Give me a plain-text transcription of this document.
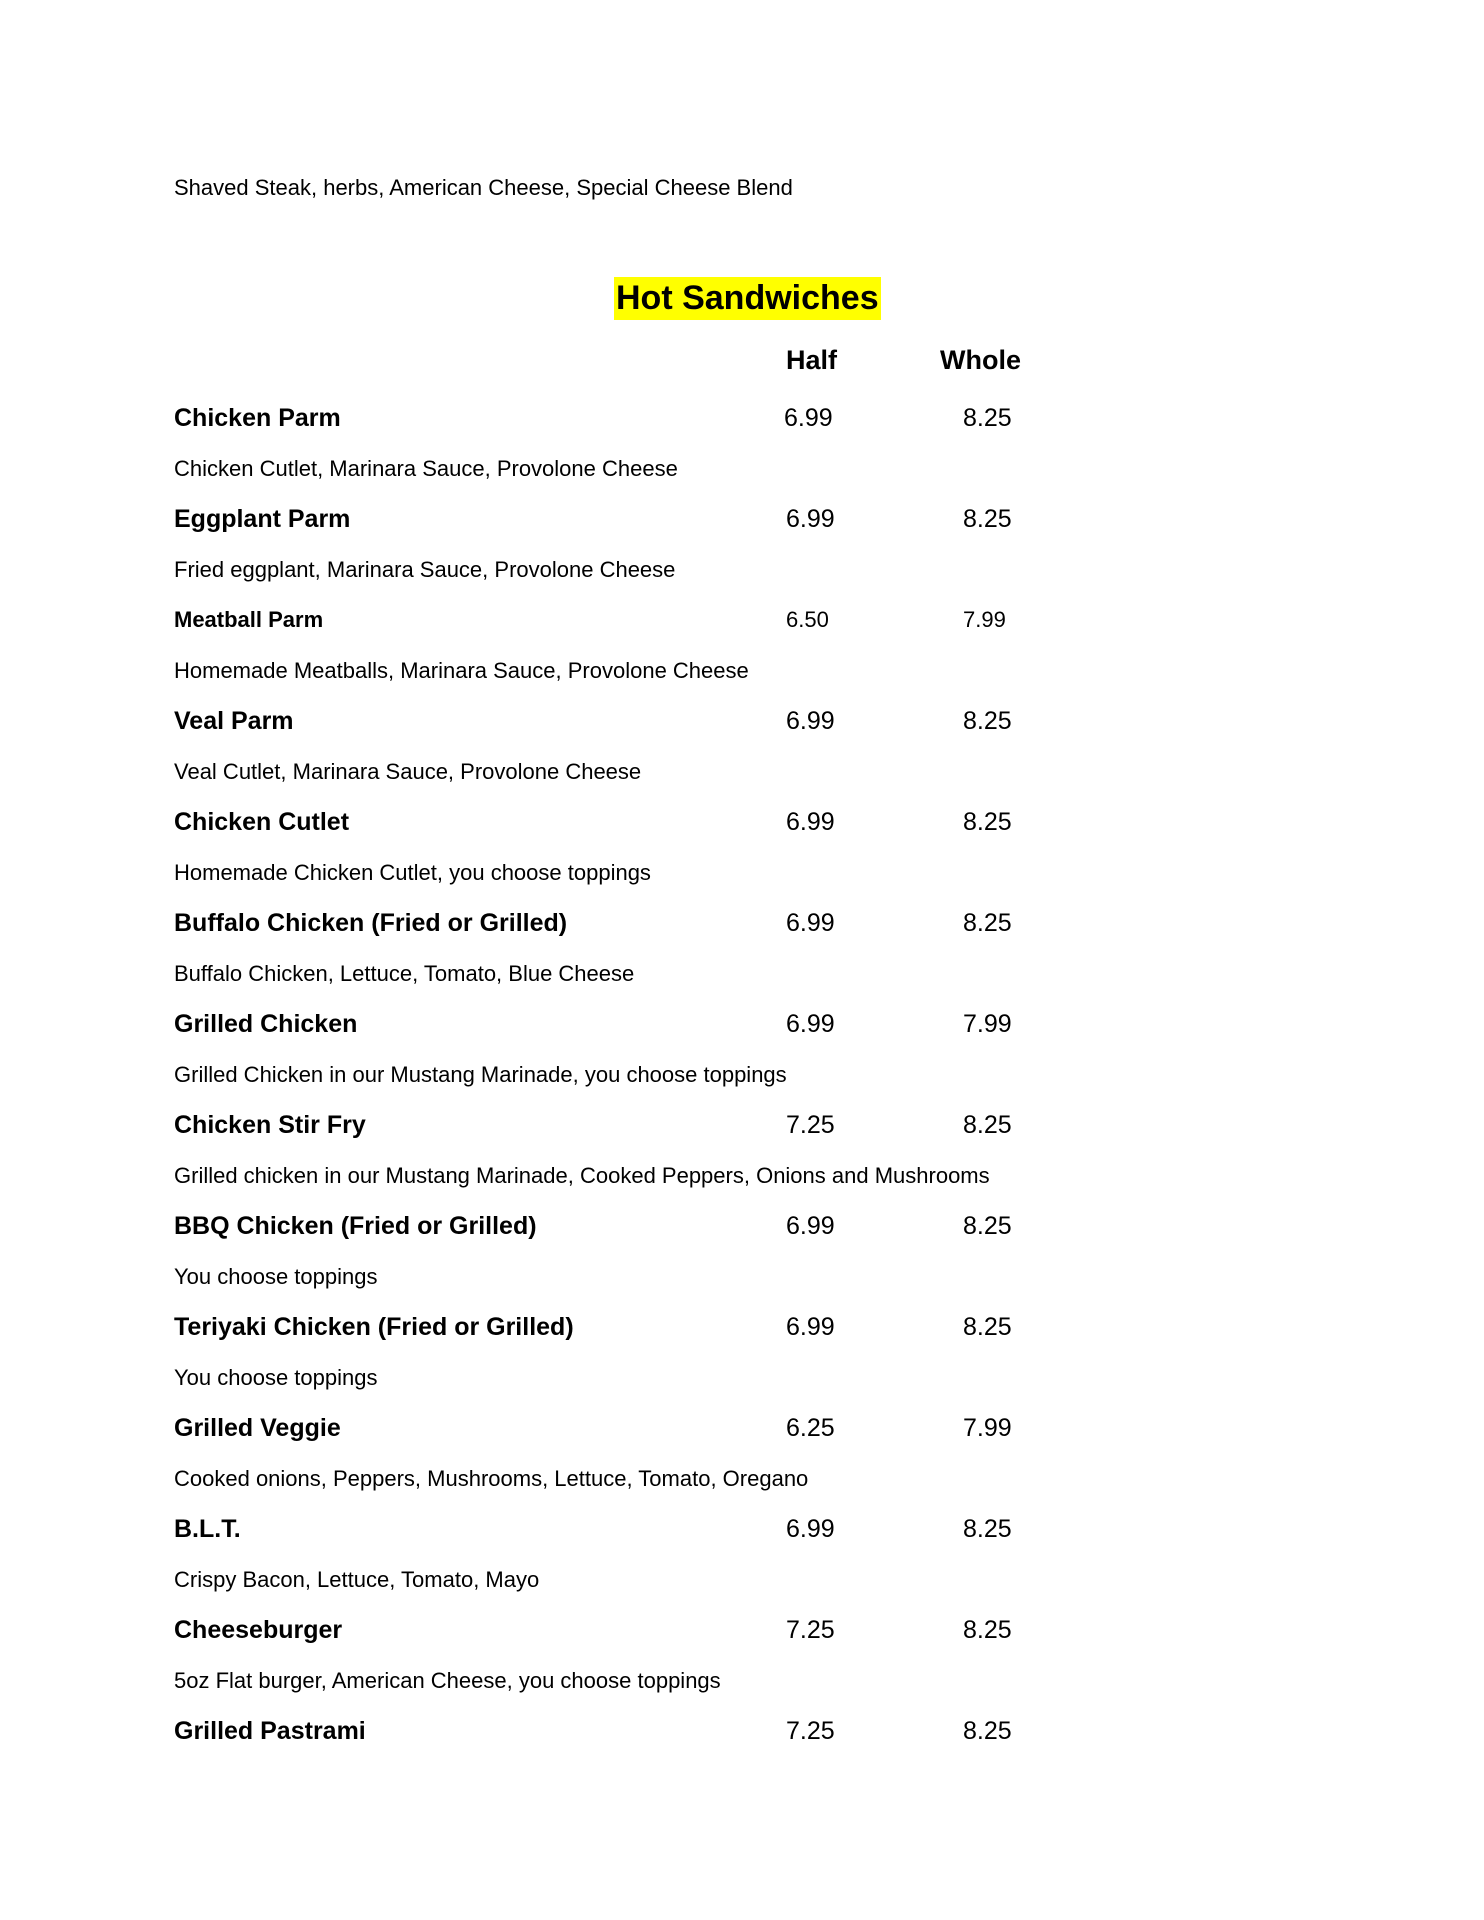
Shaved Steak, herbs, American Cheese, Special Cheese Blend
Hot Sandwiches
Half	Whole
Chicken Parm	6.99	8.25
Chicken Cutlet, Marinara Sauce, Provolone Cheese
Eggplant Parm	6.99	8.25
Fried eggplant, Marinara Sauce, Provolone Cheese
Meatball Parm	6.50	7.99
Homemade Meatballs, Marinara Sauce, Provolone Cheese
Veal Parm	6.99	8.25
Veal Cutlet, Marinara Sauce, Provolone Cheese
Chicken Cutlet	6.99	8.25
Homemade Chicken Cutlet, you choose toppings
Buffalo Chicken (Fried or Grilled)	6.99	8.25
Buffalo Chicken, Lettuce, Tomato, Blue Cheese
Grilled Chicken	6.99	7.99
Grilled Chicken in our Mustang Marinade, you choose toppings
Chicken Stir Fry	7.25	8.25
Grilled chicken in our Mustang Marinade, Cooked Peppers, Onions and Mushrooms
BBQ Chicken (Fried or Grilled)	6.99	8.25
You choose toppings
Teriyaki Chicken (Fried or Grilled)	6.99	8.25
You choose toppings
Grilled Veggie	6.25	7.99
Cooked onions, Peppers, Mushrooms, Lettuce, Tomato, Oregano
B.L.T.	6.99	8.25
Crispy Bacon, Lettuce, Tomato, Mayo
Cheeseburger	7.25	8.25
5oz Flat burger, American Cheese, you choose toppings
Grilled Pastrami	7.25	8.25
